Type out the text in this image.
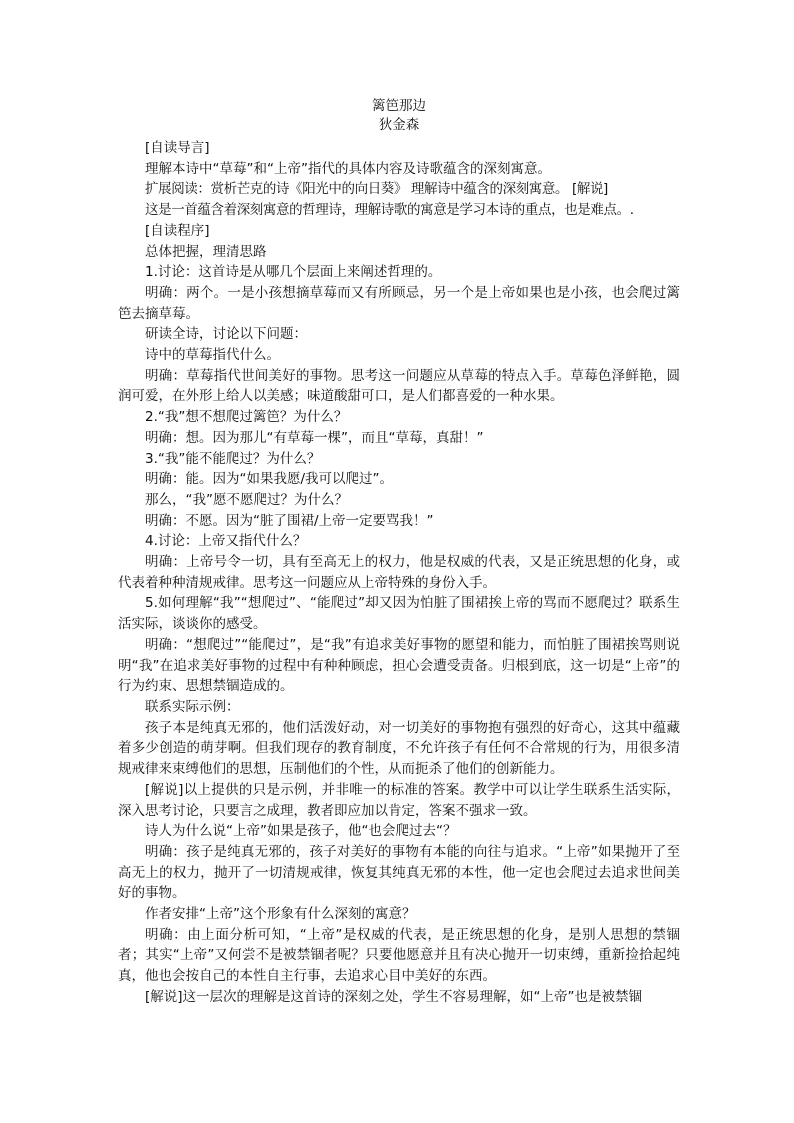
篱笆那边

狄金森

[自读导言]

理解本诗中“草莓”和“上帝”指代的具体内容及诗歌蕴含的深刻寓意。

扩展阅读：赏析芒克的诗《阳光中的向日葵》 理解诗中蕴含的深刻寓意。 [解说]

这是一首蕴含着深刻寓意的哲理诗，理解诗歌的寓意是学习本诗的重点，也是难点。.

[自读程序]

总体把握，理清思路

1.讨论：这首诗是从哪几个层面上来阐述哲理的。

明确：两个。一是小孩想摘草莓而又有所顾忌，另一个是上帝如果也是小孩，也会爬过篱笆去摘草莓。

研读全诗，讨论以下问题：

诗中的草莓指代什么。

明确：草莓指代世间美好的事物。思考这一问题应从草莓的特点入手。草莓色泽鲜艳，圆润可爱，在外形上给人以美感；味道酸甜可口，是人们都喜爱的一种水果。

2.“我”想不想爬过篱笆？为什么？

明确：想。因为那儿“有草莓一棵”，而且“草莓，真甜！”

3.“我”能不能爬过？为什么？

明确：能。因为“如果我愿/我可以爬过”。

那么，“我”愿不愿爬过？为什么？

明确：不愿。因为“脏了围裙/上帝一定要骂我！”

4.讨论：上帝又指代什么？

明确：上帝号令一切，具有至高无上的权力，他是权威的代表，又是正统思想的化身，或代表着种种清规戒律。思考这一问题应从上帝特殊的身份入手。

5.如何理解“我”“想爬过”、“能爬过”却又因为怕脏了围裙挨上帝的骂而不愿爬过？联系生活实际，谈谈你的感受。

明确：“想爬过”“能爬过”，是“我”有追求美好事物的愿望和能力，而怕脏了围裙挨骂则说明“我”在追求美好事物的过程中有种种顾虑，担心会遭受责备。归根到底，这一切是“上帝”的行为约束、思想禁锢造成的。

联系实际示例：

孩子本是纯真无邪的，他们活泼好动，对一切美好的事物抱有强烈的好奇心，这其中蕴藏着多少创造的萌芽啊。但我们现存的教育制度，不允许孩子有任何不合常规的行为，用很多清规戒律来束缚他们的思想，压制他们的个性，从而扼杀了他们的创新能力。

[解说]以上提供的只是示例，并非唯一的标准的答案。教学中可以让学生联系生活实际，深入思考讨论，只要言之成理，教者即应加以肯定，答案不强求一致。

诗人为什么说“上帝”如果是孩子，他“也会爬过去“？

明确：孩子是纯真无邪的，孩子对美好的事物有本能的向往与追求。“上帝”如果抛开了至高无上的权力，抛开了一切清规戒律，恢复其纯真无邪的本性，他一定也会爬过去追求世间美好的事物。

作者安排“上帝”这个形象有什么深刻的寓意？

明确：由上面分析可知，“上帝”是权威的代表，是正统思想的化身，是别人思想的禁锢者；其实“上帝”又何尝不是被禁锢者呢？只要他愿意并且有决心抛开一切束缚，重新捡拾起纯真，他也会按自己的本性自主行事，去追求心目中美好的东西。

[解说]这一层次的理解是这首诗的深刻之处，学生不容易理解，如“上帝”也是被禁锢
